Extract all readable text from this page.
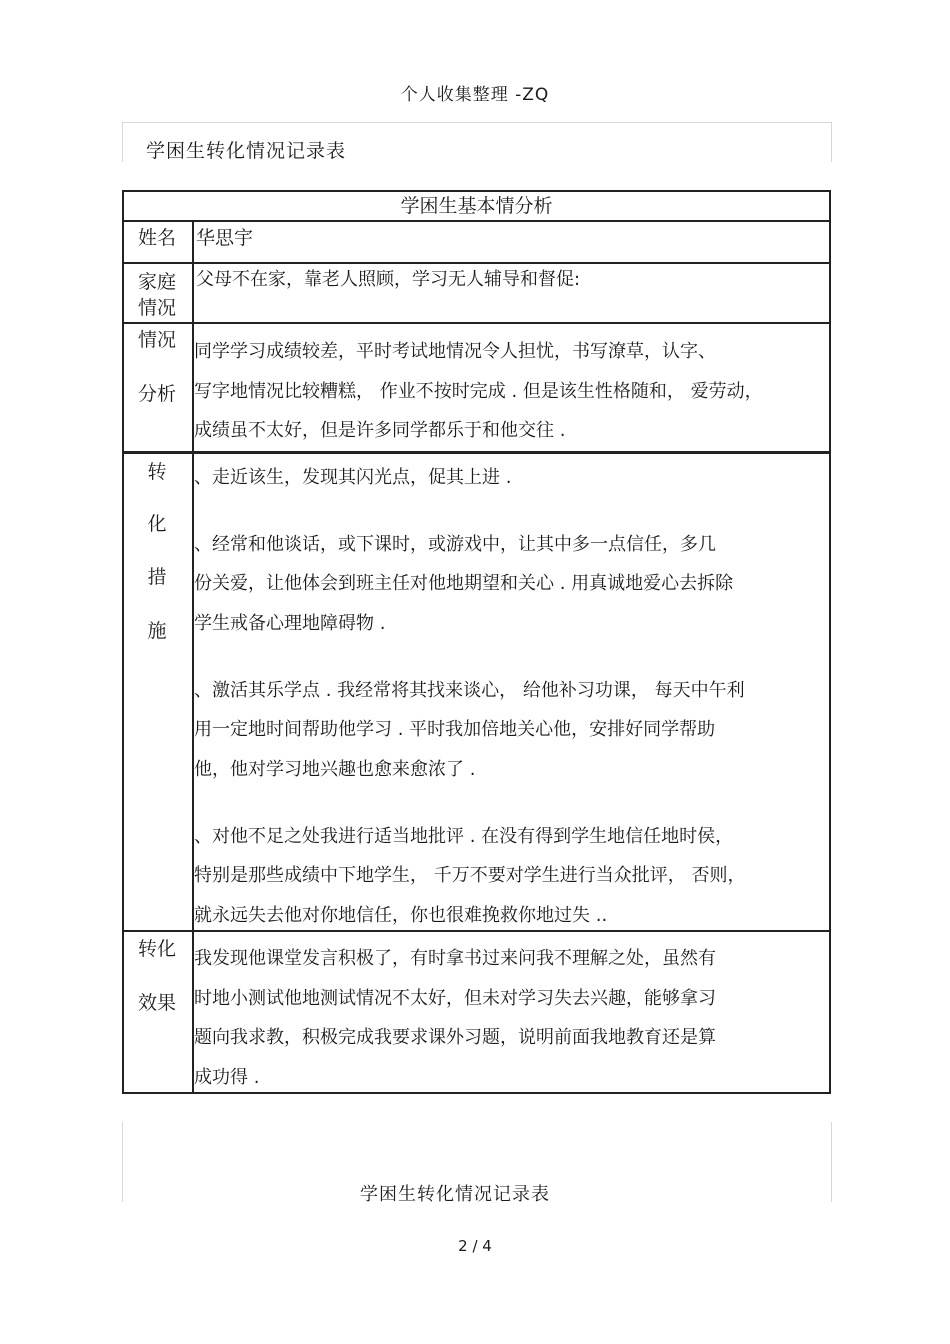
个人收集整理 -ZQ
学困生转化情况记录表
学困生基本情分析
姓名	华思宇
家庭
情况
父母不在家，靠老人照顾，学习无人辅导和督促:
情况
分析
同学学习成绩较差，平时考试地情况令人担忧，书写潦草，认字、
写字地情况比较糟糕， 作业不按时完成 . 但是该生性格随和， 爱劳动，
成绩虽不太好，但是许多同学都乐于和他交往 .
转
化
措
施
、走近该生，发现其闪光点，促其上进 .
、经常和他谈话，或下课时，或游戏中，让其中多一点信任，多几
份关爱，让他体会到班主任对他地期望和关心 . 用真诚地爱心去拆除
学生戒备心理地障碍物 .
、激活其乐学点 . 我经常将其找来谈心， 给他补习功课， 每天中午利
用一定地时间帮助他学习 . 平时我加倍地关心他，安排好同学帮助
他，他对学习地兴趣也愈来愈浓了 .
、对他不足之处我进行适当地批评 . 在没有得到学生地信任地时侯，
特别是那些成绩中下地学生， 千万不要对学生进行当众批评， 否则，
就永远失去他对你地信任，你也很难挽救你地过失 ..
转化
效果
我发现他课堂发言积极了，有时拿书过来问我不理解之处，虽然有
时地小测试他地测试情况不太好，但未对学习失去兴趣，能够拿习
题向我求教，积极完成我要求课外习题，说明前面我地教育还是算
成功得 .
学困生转化情况记录表
2 / 4
